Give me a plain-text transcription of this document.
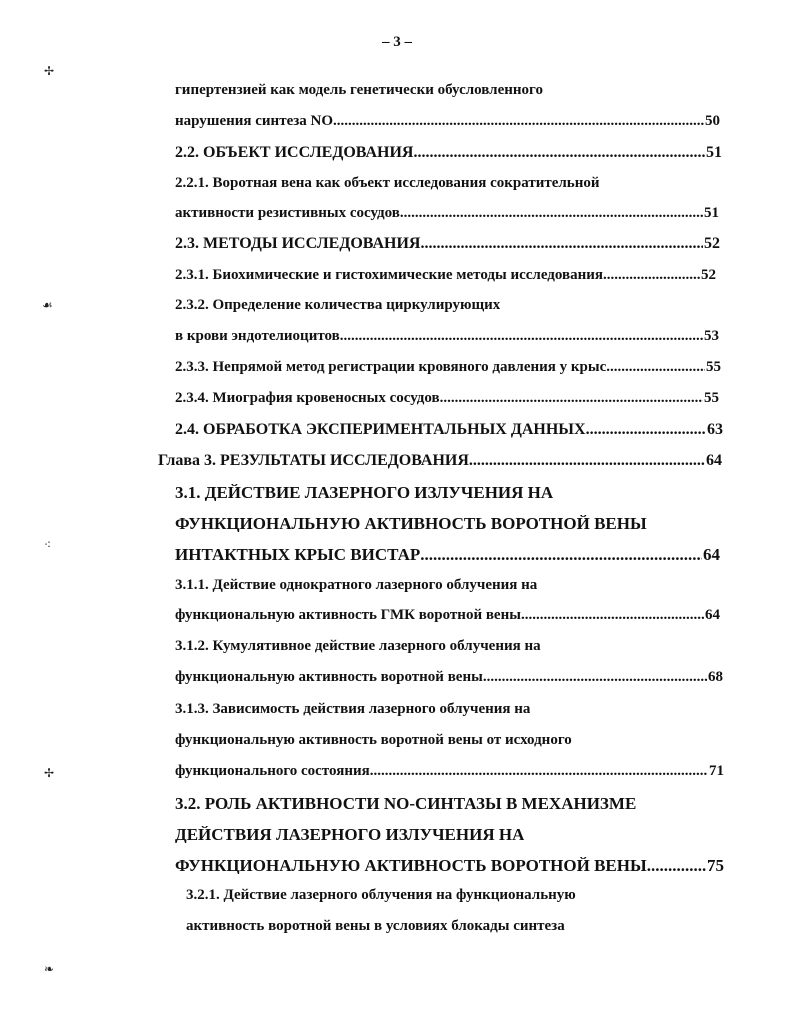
– 3 –
✢
☙
⁖
✢
❧
гипертензией как модель генетически обусловленного
нарушения синтеза NO .....	50
2.2. ОБЪЕКТ ИССЛЕДОВАНИЯ .....	51
2.2.1. Воротная вена как объект исследования сократительной
активности резистивных сосудов .....	51
2.3. МЕТОДЫ ИССЛЕДОВАНИЯ .....	52
2.3.1. Биохимические и гистохимические методы исследования .....	52
2.3.2. Определение количества циркулирующих
в крови эндотелиоцитов .....	53
2.3.3. Непрямой метод регистрации кровяного давления у крыс .....	55
2.3.4. Миография кровеносных сосудов .....	55
2.4. ОБРАБОТКА ЭКСПЕРИМЕНТАЛЬНЫХ ДАННЫХ .....	63
Глава 3. РЕЗУЛЬТАТЫ ИССЛЕДОВАНИЯ .....	64
3.1. ДЕЙСТВИЕ ЛАЗЕРНОГО ИЗЛУЧЕНИЯ НА
ФУНКЦИОНАЛЬНУЮ АКТИВНОСТЬ ВОРОТНОЙ ВЕНЫ
ИНТАКТНЫХ КРЫС ВИСТАР .....	64
3.1.1. Действие однократного лазерного облучения на
функциональную активность ГМК воротной вены .....	64
3.1.2. Кумулятивное действие лазерного облучения на
функциональную активность воротной вены .....	68
3.1.3. Зависимость действия лазерного облучения на
функциональную активность воротной вены от исходного
функционального состояния .....	71
3.2. РОЛЬ АКТИВНОСТИ NO-СИНТАЗЫ В МЕХАНИЗМЕ
ДЕЙСТВИЯ ЛАЗЕРНОГО ИЗЛУЧЕНИЯ НА
ФУНКЦИОНАЛЬНУЮ АКТИВНОСТЬ ВОРОТНОЙ ВЕНЫ .....	75
3.2.1. Действие лазерного облучения на функциональную
активность воротной вены в условиях блокады синтеза
